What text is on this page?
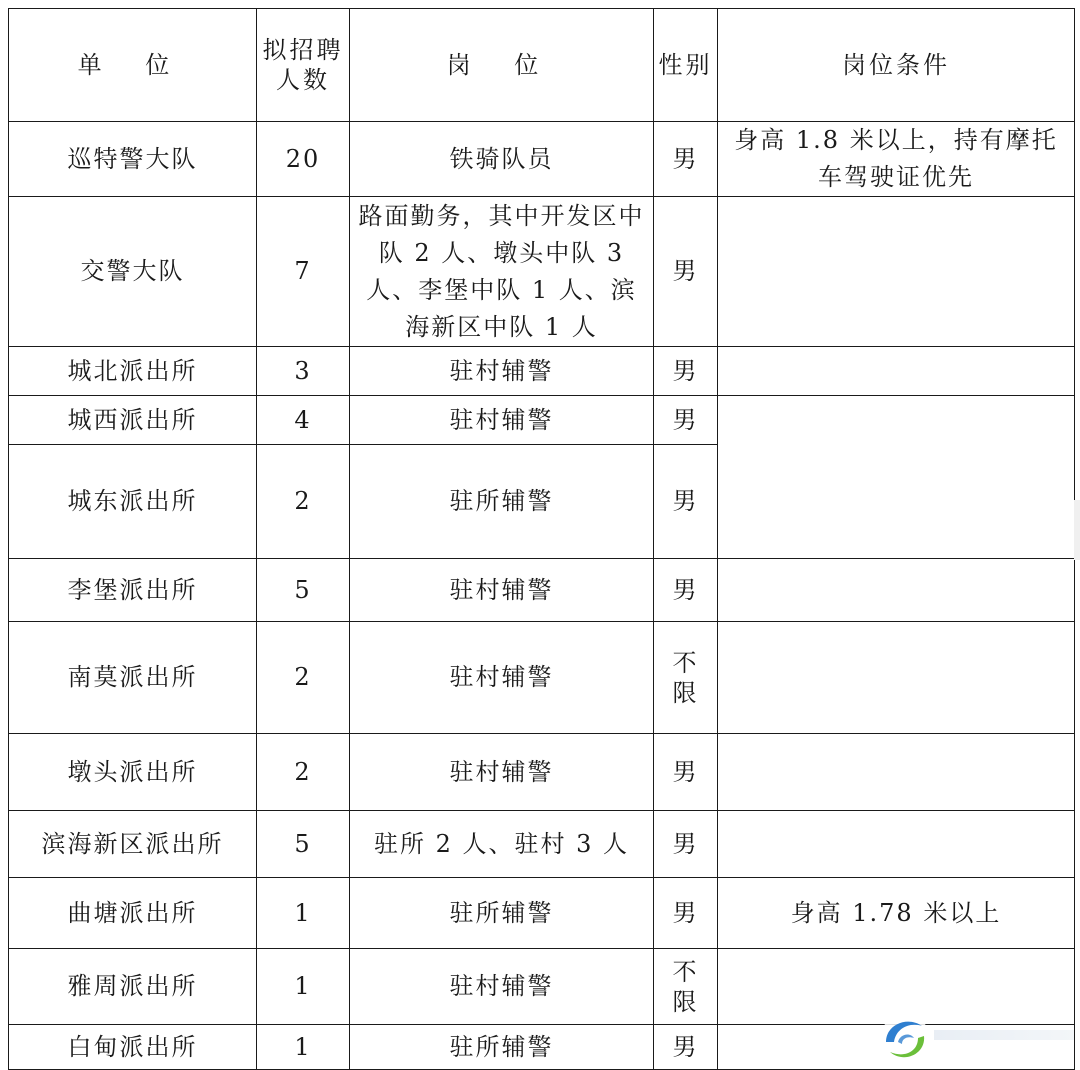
单 位	拟招聘人数	岗 位	性别	岗位条件
巡特警大队	20	铁骑队员	男	身高 1.8 米以上，持有摩托车驾驶证优先
交警大队	7	路面勤务，其中开发区中队 2 人、墩头中队 3 人、李堡中队 1 人、滨海新区中队 1 人	男	
城北派出所	3	驻村辅警	男	
城西派出所	4	驻村辅警	男	
城东派出所	2	驻所辅警	男	
李堡派出所	5	驻村辅警	男	
南莫派出所	2	驻村辅警	不限	
墩头派出所	2	驻村辅警	男	
滨海新区派出所	5	驻所 2 人、驻村 3 人	男	
曲塘派出所	1	驻所辅警	男	身高 1.78 米以上
雅周派出所	1	驻村辅警	不限	
白甸派出所	1	驻所辅警	男	
